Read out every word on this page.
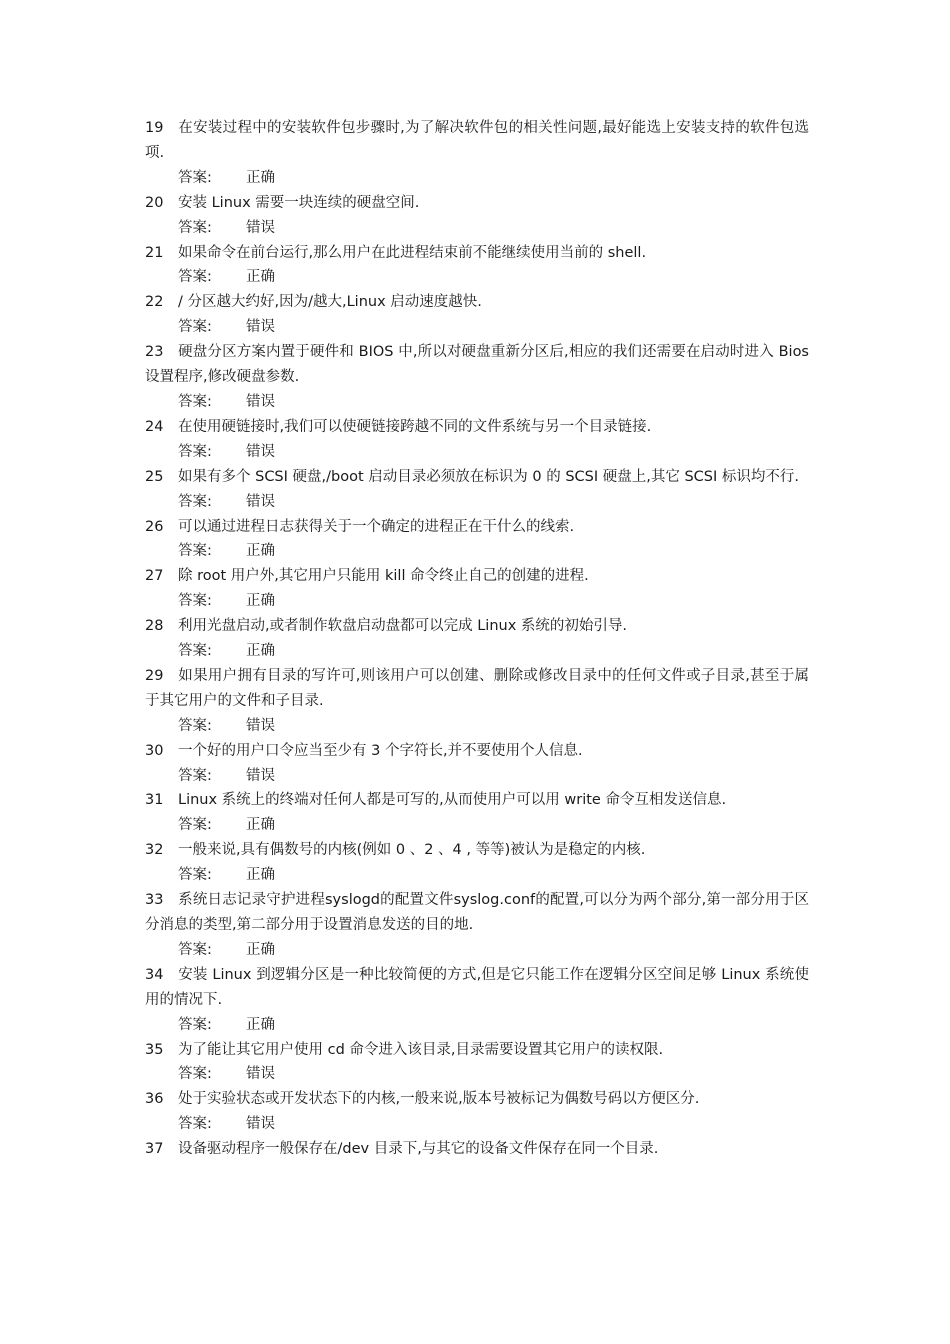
19 在安装过程中的安装软件包步骤时,为了解决软件包的相关性问题,最好能选上安装支持的软件包选项.
答案: 正确
20 安装 Linux 需要一块连续的硬盘空间.
答案: 错误
21 如果命令在前台运行,那么用户在此进程结束前不能继续使用当前的 shell.
答案: 正确
22 / 分区越大约好,因为/越大,Linux 启动速度越快.
答案: 错误
23 硬盘分区方案内置于硬件和 BIOS 中,所以对硬盘重新分区后,相应的我们还需要在启动时进入 Bios 设置程序,修改硬盘参数.
答案: 错误
24 在使用硬链接时,我们可以使硬链接跨越不同的文件系统与另一个目录链接.
答案: 错误
25 如果有多个 SCSI 硬盘,/boot 启动目录必须放在标识为 0 的 SCSI 硬盘上,其它 SCSI 标识均不行.
答案: 错误
26 可以通过进程日志获得关于一个确定的进程正在干什么的线索.
答案: 正确
27 除 root 用户外,其它用户只能用 kill 命令终止自己的创建的进程.
答案: 正确
28 利用光盘启动,或者制作软盘启动盘都可以完成 Linux 系统的初始引导.
答案: 正确
29 如果用户拥有目录的写许可,则该用户可以创建、删除或修改目录中的任何文件或子目录,甚至于属于其它用户的文件和子目录.
答案: 错误
30 一个好的用户口令应当至少有 3 个字符长,并不要使用个人信息.
答案: 错误
31 Linux 系统上的终端对任何人都是可写的,从而使用户可以用 write 命令互相发送信息.
答案: 正确
32 一般来说,具有偶数号的内核(例如 0 、2 、4 , 等等)被认为是稳定的内核.
答案: 正确
33 系统日志记录守护进程syslogd的配置文件syslog.conf的配置,可以分为两个部分,第一部分用于区分消息的类型,第二部分用于设置消息发送的目的地.
答案: 正确
34 安装 Linux 到逻辑分区是一种比较简便的方式,但是它只能工作在逻辑分区空间足够 Linux 系统使用的情况下.
答案: 正确
35 为了能让其它用户使用 cd 命令进入该目录,目录需要设置其它用户的读权限.
答案: 错误
36 处于实验状态或开发状态下的内核,一般来说,版本号被标记为偶数号码以方便区分.
答案: 错误
37 设备驱动程序一般保存在/dev 目录下,与其它的设备文件保存在同一个目录.
